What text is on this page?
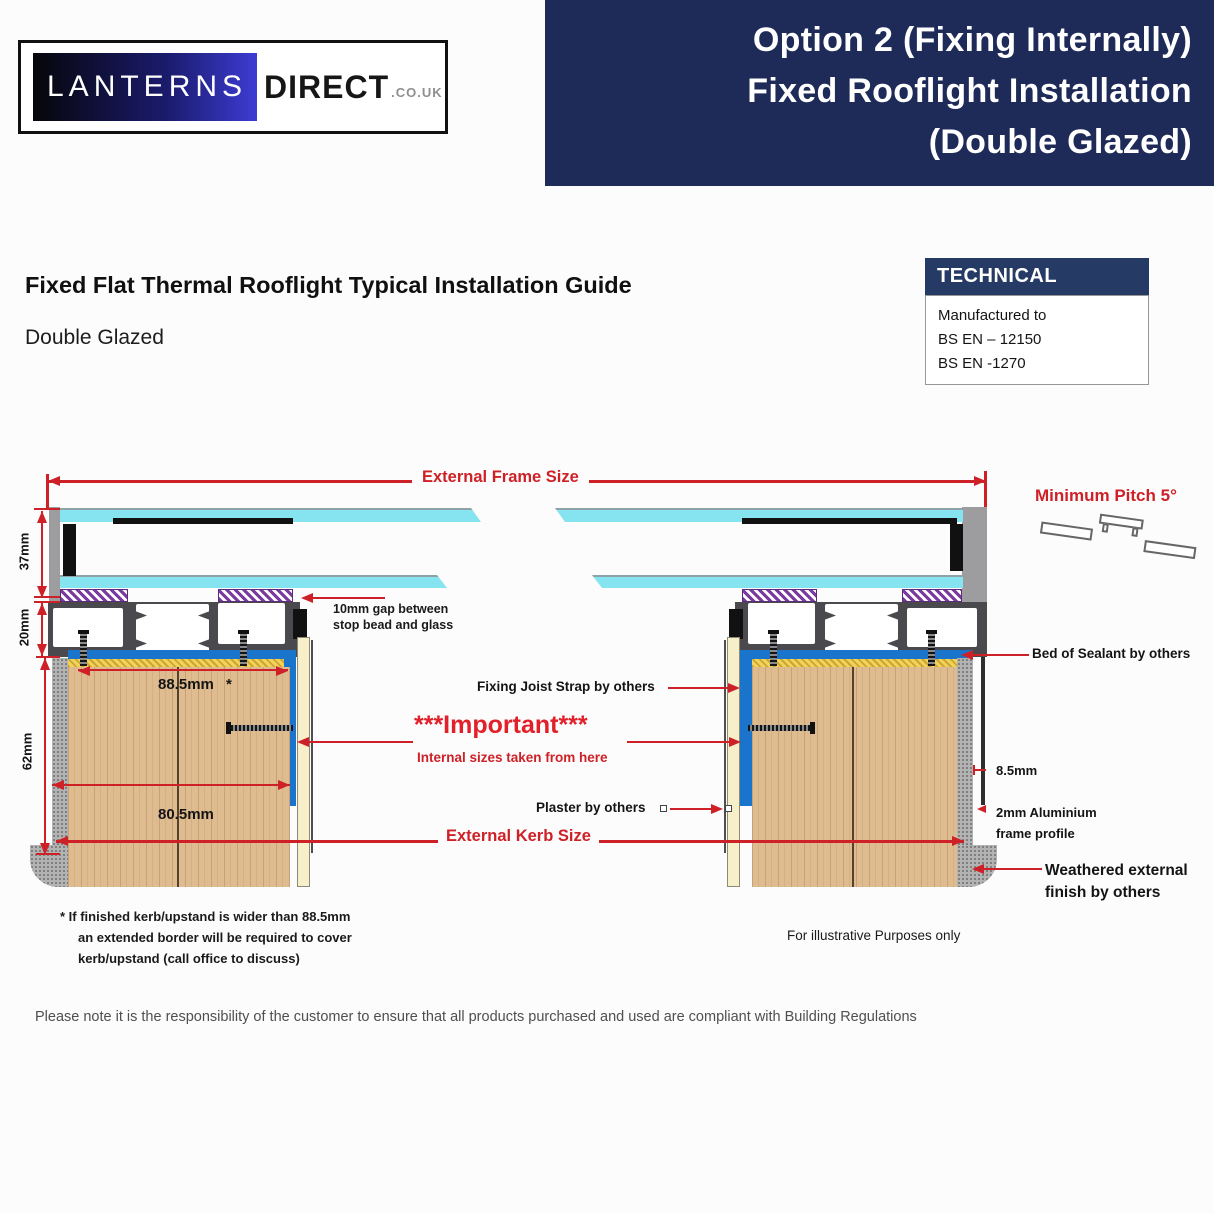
LANTERNS DIRECT .CO.UK
Option 2 (Fixing Internally)
Fixed Rooflight Installation
(Double Glazed)
Fixed Flat Thermal Rooflight Typical Installation Guide
Double Glazed
TECHNICAL
Manufactured to
BS EN – 12150
BS EN -1270
External Frame Size
Minimum Pitch 5°
37mm
20mm
62mm
10mm gap between
stop bead and glass
88.5mm *
80.5mm
Fixing Joist Strap by others
***Important***
Internal sizes taken from here
Plaster by others
External Kerb Size
Bed of Sealant by others
8.5mm
2mm Aluminium
frame profile
Weathered external
finish by others
* If finished kerb/upstand is wider than 88.5mm
an extended border will be required to cover
kerb/upstand (call office to discuss)
For illustrative Purposes only
Please note it is the responsibility of the customer to ensure that all products purchased and used are compliant with Building Regulations
